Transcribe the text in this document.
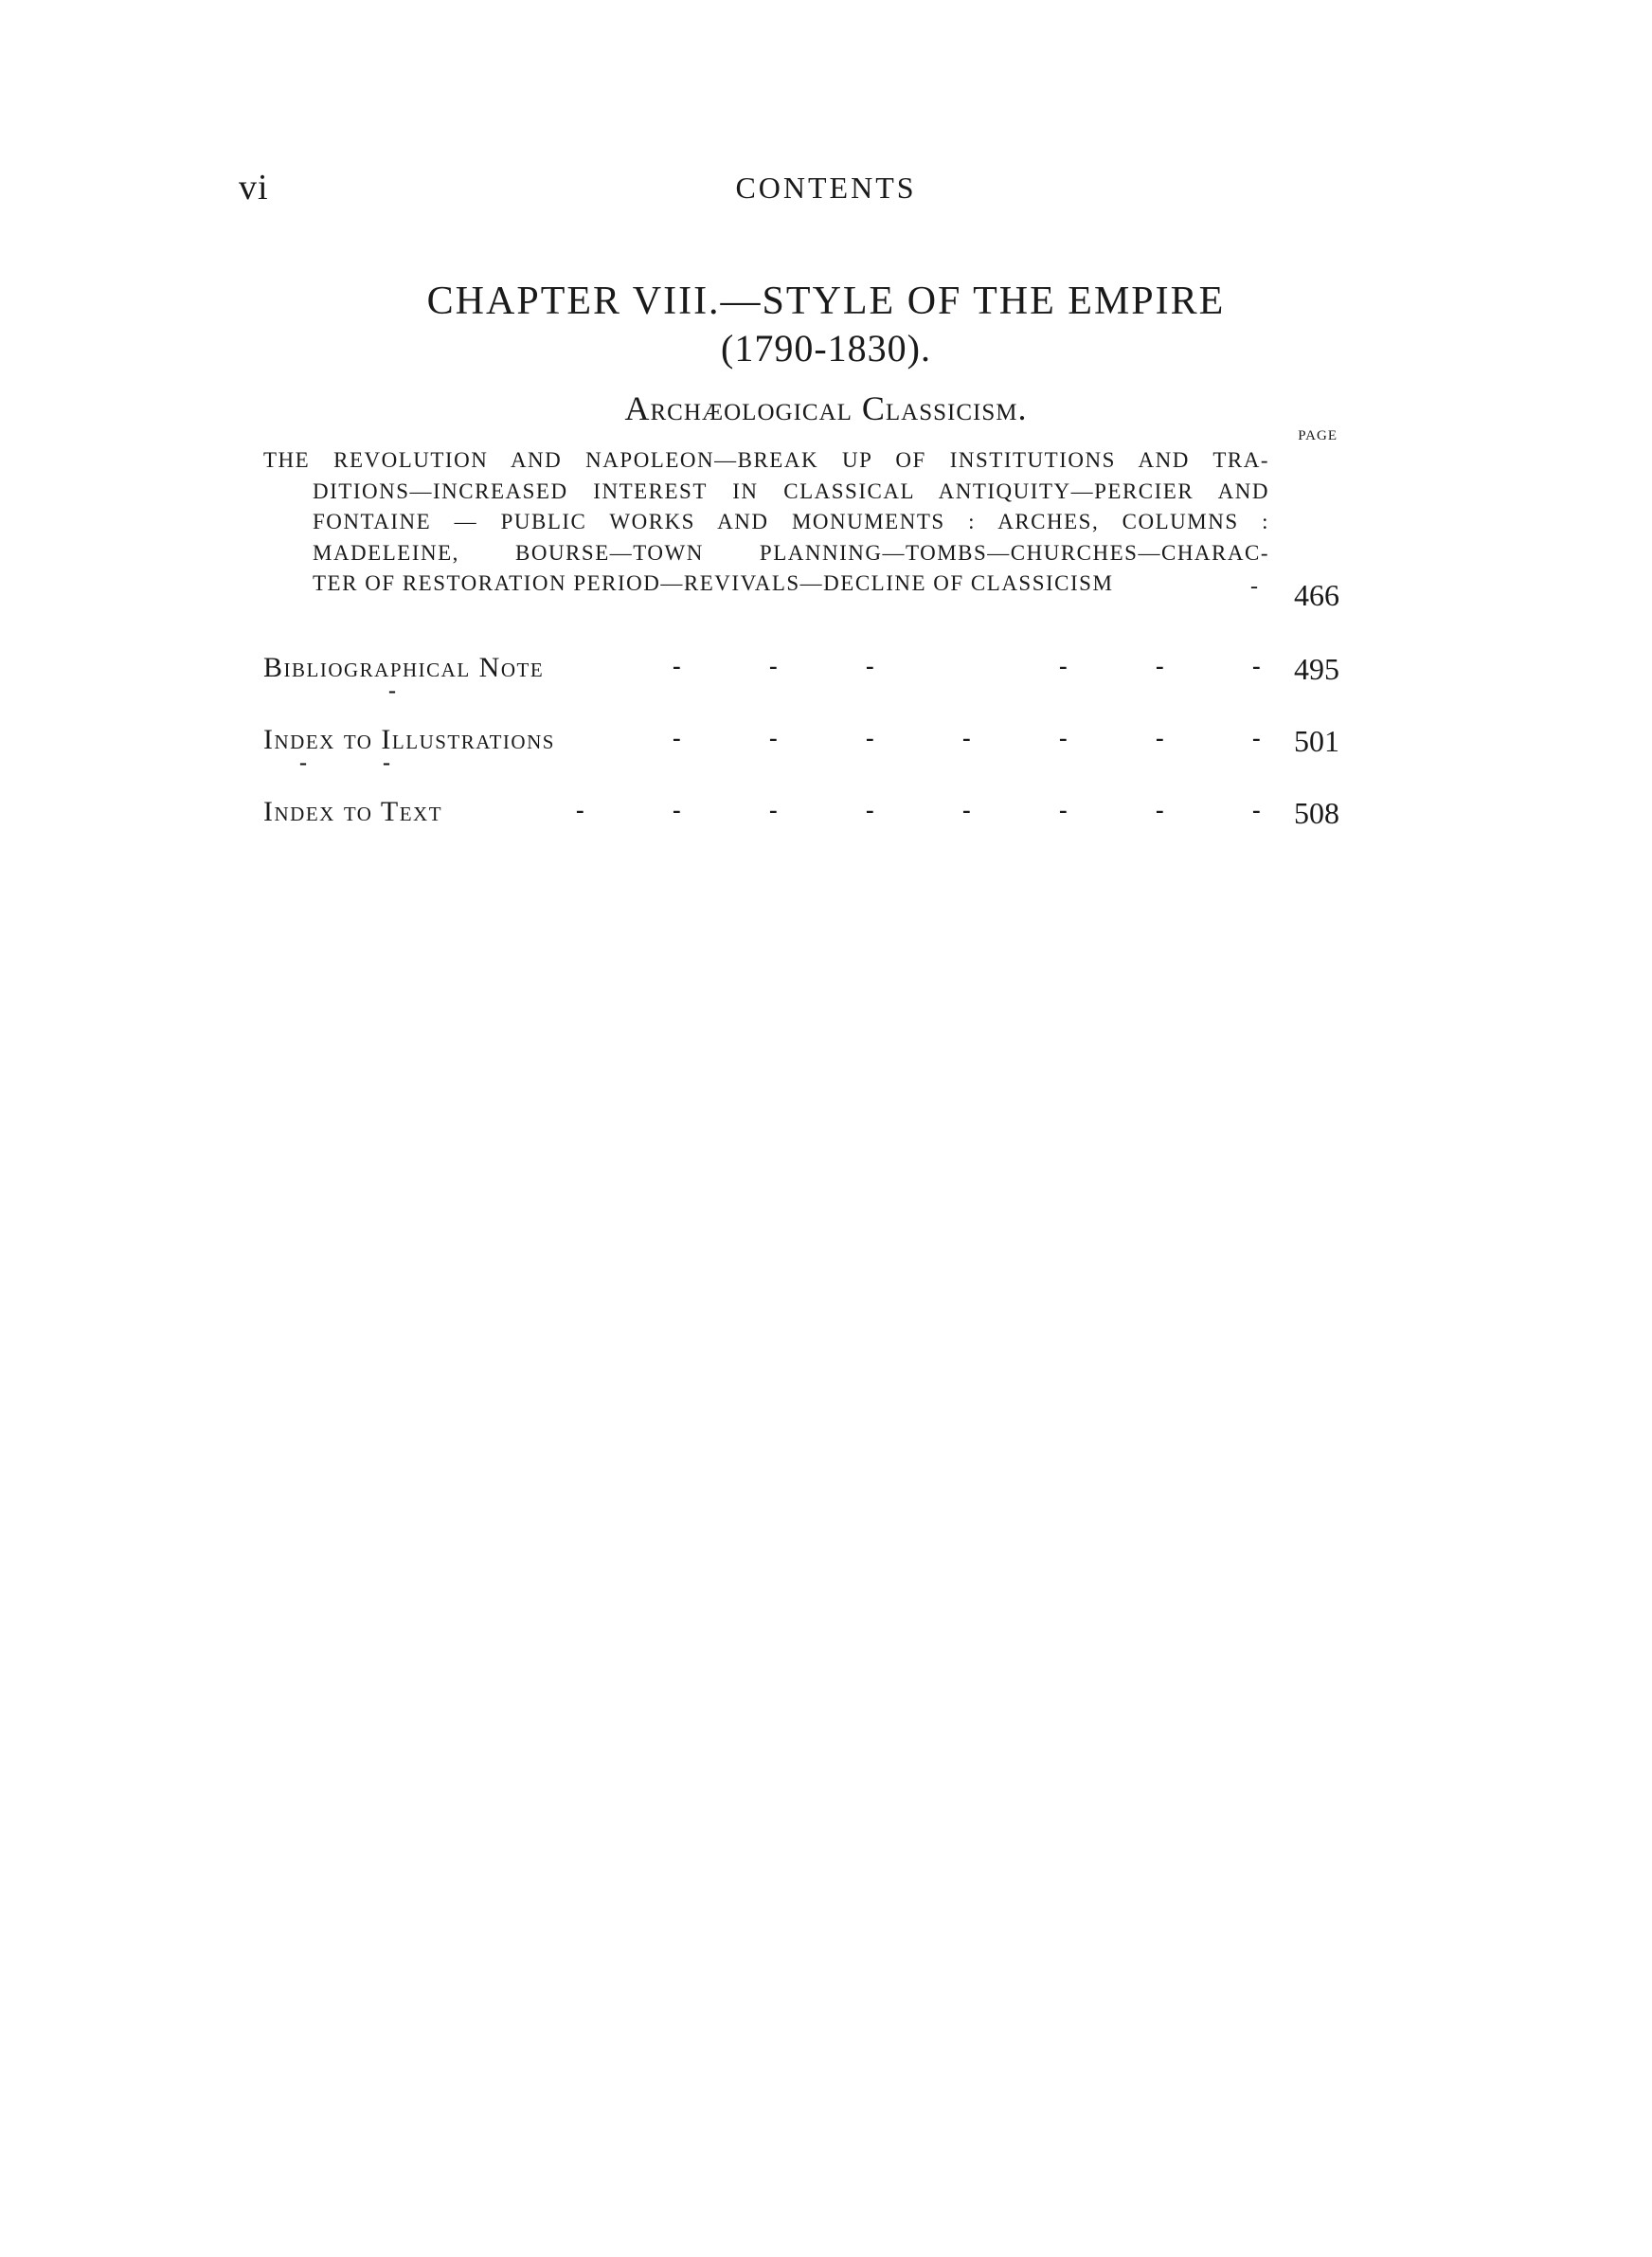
vi	CONTENTS
CHAPTER VIII.—STYLE OF THE EMPIRE
(1790-1830).
Archæological Classicism.
PAGE
THE REVOLUTION AND NAPOLEON—BREAK UP OF INSTITUTIONS AND TRA-
DITIONS—INCREASED INTEREST IN CLASSICAL ANTIQUITY—PERCIER AND
FONTAINE — PUBLIC WORKS AND MONUMENTS : ARCHES, COLUMNS :
MADELEINE, BOURSE—TOWN PLANNING—TOMBS—CHURCHES—CHARAC-
TER OF RESTORATION PERIOD—REVIVALS—DECLINE OF CLASSICISM	-	466
Bibliographical Note	-	-	-	-	-	- 495
-
Index to Illustrations	-	-	-	-	-	-	- 501
-	-
Index to Text	-	-	-	-	-	-	-	- 508
